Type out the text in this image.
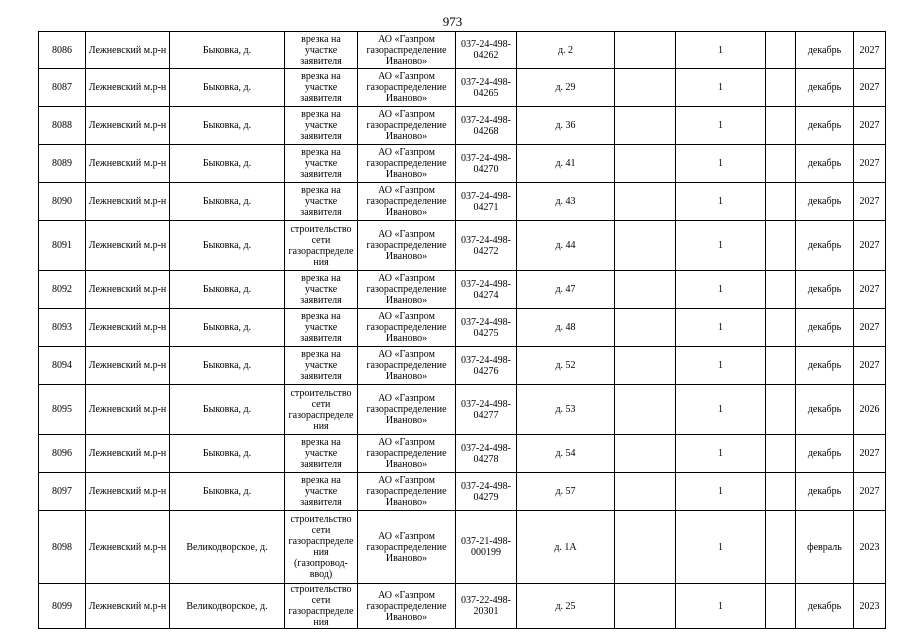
973
8086	Лежневский м.р-н	Быковка, д.	врезка на участке заявителя	АО «Газпром газораспределение Иваново»	037-24-498-04262	д. 2		1		декабрь	2027
8087	Лежневский м.р-н	Быковка, д.	врезка на участке заявителя	АО «Газпром газораспределение Иваново»	037-24-498-04265	д. 29		1		декабрь	2027
8088	Лежневский м.р-н	Быковка, д.	врезка на участке заявителя	АО «Газпром газораспределение Иваново»	037-24-498-04268	д. 36		1		декабрь	2027
8089	Лежневский м.р-н	Быковка, д.	врезка на участке заявителя	АО «Газпром газораспределение Иваново»	037-24-498-04270	д. 41		1		декабрь	2027
8090	Лежневский м.р-н	Быковка, д.	врезка на участке заявителя	АО «Газпром газораспределение Иваново»	037-24-498-04271	д. 43		1		декабрь	2027
8091	Лежневский м.р-н	Быковка, д.	строительство сети газораспределения	АО «Газпром газораспределение Иваново»	037-24-498-04272	д. 44		1		декабрь	2027
8092	Лежневский м.р-н	Быковка, д.	врезка на участке заявителя	АО «Газпром газораспределение Иваново»	037-24-498-04274	д. 47		1		декабрь	2027
8093	Лежневский м.р-н	Быковка, д.	врезка на участке заявителя	АО «Газпром газораспределение Иваново»	037-24-498-04275	д. 48		1		декабрь	2027
8094	Лежневский м.р-н	Быковка, д.	врезка на участке заявителя	АО «Газпром газораспределение Иваново»	037-24-498-04276	д. 52		1		декабрь	2027
8095	Лежневский м.р-н	Быковка, д.	строительство сети газораспределения	АО «Газпром газораспределение Иваново»	037-24-498-04277	д. 53		1		декабрь	2026
8096	Лежневский м.р-н	Быковка, д.	врезка на участке заявителя	АО «Газпром газораспределение Иваново»	037-24-498-04278	д. 54		1		декабрь	2027
8097	Лежневский м.р-н	Быковка, д.	врезка на участке заявителя	АО «Газпром газораспределение Иваново»	037-24-498-04279	д. 57		1		декабрь	2027
8098	Лежневский м.р-н	Великодворское, д.	строительство сети газораспределения (газопровод-ввод)	АО «Газпром газораспределение Иваново»	037-21-498-000199	д. 1А		1		февраль	2023
8099	Лежневский м.р-н	Великодворское, д.	строительство сети газораспределения	АО «Газпром газораспределение Иваново»	037-22-498-20301	д. 25		1		декабрь	2023
